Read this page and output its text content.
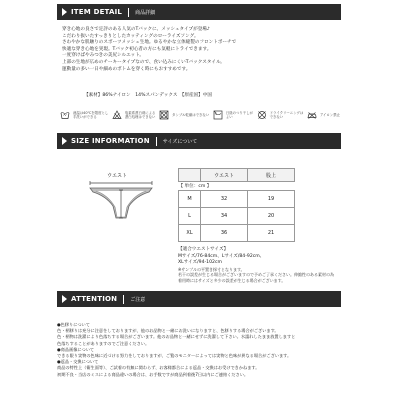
ITEM DETAIL	商品詳細
穿き心地の良さで定評のある人気のTバックに、メッシュタイプが登場♪
こだわり抜いたすっきりとしたカッティングのローライズソング。
さわやかな肌触りのスポーツメッシュ生地。ゆるやかな立体縫製のフロントポーチで
快適な穿き心地を実現。Tバック初心者の方にも気軽にトライできます。
一度穿けばやみつきの美尻シルエット。
上部の生地が広めのチーキータイプなので、食い込みにくいTバックスタイル。
運動量の多い一日や細めのボトムを穿く時にもおすすめです。
【素材】86%ナイロン　14%スパンデックス　【原産国】中国
液温は40℃を限度とし
手洗いができる
塩素系漂白剤による
漂白処理はできない
タンブル乾燥はできない
日陰のつり干しが
よい
ドライクリーニングは
できない
アイロン禁止
SIZE INFORMATION	サイズについて
ウエスト
【 単位：cm 】		
	ウエスト	股上
M	32	19
L	34	20
XL	36	21
【適合ウエストサイズ】
Mサイズ/76-84cm、Lサイズ/84-92cm、
XLサイズ/94-102cm
※サンプルの平置き採寸となります。
若干の誤差が生じる場合がございますので予めご了承ください。伸縮性のある素材の為
着用時にはサイズと多少の誤差が生じる場合がございます。
ATTENTION	ご注意
●色移りについて
色・柄移りは充分に注意をしておりますが、他のお品物と一緒にお洗いになりますと、色移りする場合がございます。
色・柄物は洗濯により色落ちする場合がございます。他のお品物と一緒にせずに洗濯して下さい。水濡れしたまま放置しますと
色落ちすることがありますのでご注意ください。
●商品画像について
できる限り実物の色味に近づける努力をしておりますが、ご覧のモニターによっては実物と色味が異なる場合がございます。
●返品・交換について
商品の特性上（衛生面等）、ご試着の有無に関わらず、お客様都合による返品・交換はお受けできかねます。
初期不良・当店のミスによる商品違いの場合は、お手数ですが商品到着後7日以内にご連絡ください。
